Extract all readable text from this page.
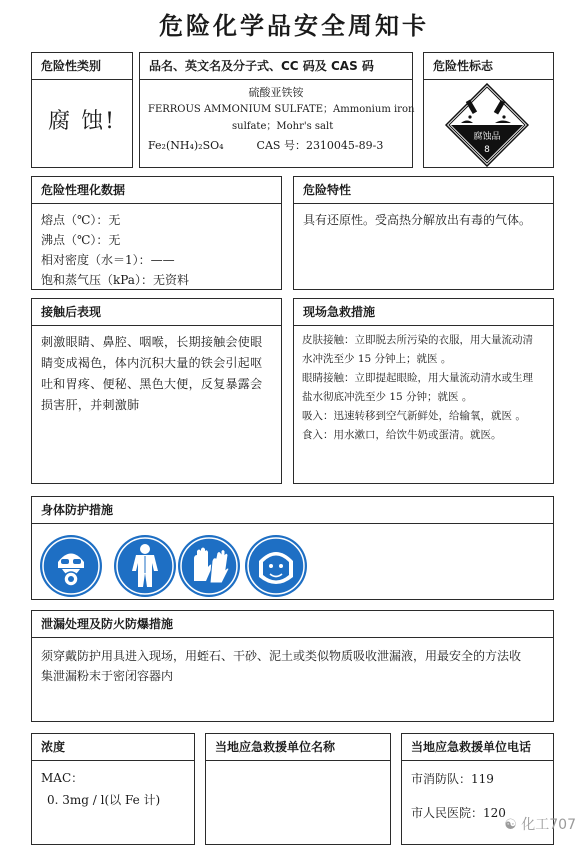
危险化学品安全周知卡
危险性类别
腐 蚀!
品名、英文名及分子式、CC 码及 CAS 码
硫酸亚铁铵
FERROUS AMMONIUM SULFATE；Ammonium iron
sulfate；Mohr's salt
Fe₂(NH₄)₂SO₄	CAS 号：2310045-89-3
危险性标志
腐蚀品
8
危险性理化数据
熔点（℃）：无
沸点（℃）：无
相对密度（水＝1）：——
饱和蒸气压（kPa）：无资料
危险特性
具有还原性。受高热分解放出有毒的气体。
接触后表现
刺激眼睛、鼻腔、咽喉，长期接触会使眼
睛变成褐色，体内沉积大量的铁会引起呕
吐和胃疼、便秘、黑色大便，反复暴露会
损害肝，并刺激肺
现场急救措施
皮肤接触：立即脱去所污染的衣服，用大量流动清
水冲洗至少 15 分钟上；就医 。
眼睛接触：立即提起眼睑，用大量流动清水或生理
盐水彻底冲洗至少 15 分钟；就医 。
吸入：迅速转移到空气新鲜处，给输氧，就医 。
食入：用水漱口，给饮牛奶或蛋清。就医。
身体防护措施
泄漏处理及防火防爆措施
须穿戴防护用具进入现场，用蛭石、干砂、泥土或类似物质吸收泄漏液，用最安全的方法收
集泄漏粉末于密闭容器内
浓度
MAC：
0. 3mg / l(以 Fe 计)
当地应急救援单位名称	当地应急救援单位电话
市消防队：119
市人民医院：120
☯ 化工707
